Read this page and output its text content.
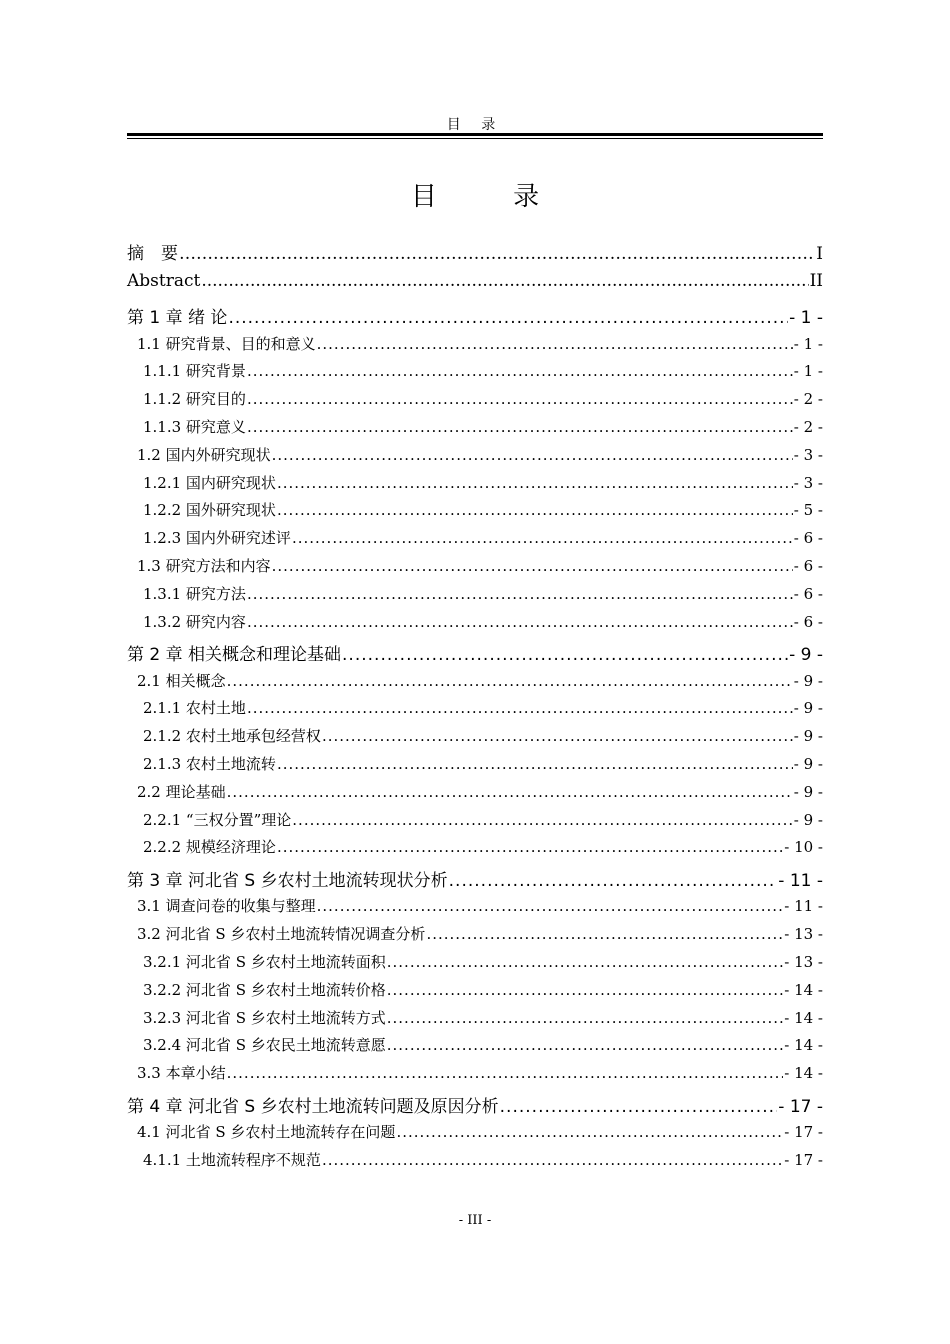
目 录
目 录
摘　要 …………………………………………………………………………………………………………………………………………	I
Abstract .....	II
第 1 章 绪 论 .....	- 1 -
1.1 研究背景、目的和意义 .....	- 1 -
1.1.1 研究背景 .....	- 1 -
1.1.2 研究目的 .....	- 2 -
1.1.3 研究意义 .....	- 2 -
1.2 国内外研究现状 .....	- 3 -
1.2.1 国内研究现状 .....	- 3 -
1.2.2 国外研究现状 .....	- 5 -
1.2.3 国内外研究述评 .....	- 6 -
1.3 研究方法和内容 .....	- 6 -
1.3.1 研究方法 .....	- 6 -
1.3.2 研究内容 .....	- 6 -
第 2 章 相关概念和理论基础 .....	- 9 -
2.1 相关概念 .....	- 9 -
2.1.1 农村土地 .....	- 9 -
2.1.2 农村土地承包经营权 .....	- 9 -
2.1.3 农村土地流转 .....	- 9 -
2.2 理论基础 .....	- 9 -
2.2.1 “三权分置”理论 .....	- 9 -
2.2.2 规模经济理论 .....	- 10 -
第 3 章 河北省 S 乡农村土地流转现状分析 .....	- 11 -
3.1 调查问卷的收集与整理 .....	- 11 -
3.2 河北省 S 乡农村土地流转情况调查分析 .....	- 13 -
3.2.1 河北省 S 乡农村土地流转面积 .....	- 13 -
3.2.2 河北省 S 乡农村土地流转价格 .....	- 14 -
3.2.3 河北省 S 乡农村土地流转方式 .....	- 14 -
3.2.4 河北省 S 乡农民土地流转意愿 .....	- 14 -
3.3 本章小结 .....	- 14 -
第 4 章 河北省 S 乡农村土地流转问题及原因分析 .....	- 17 -
4.1 河北省 S 乡农村土地流转存在问题 .....	- 17 -
4.1.1 土地流转程序不规范 .....	- 17 -
- III -
